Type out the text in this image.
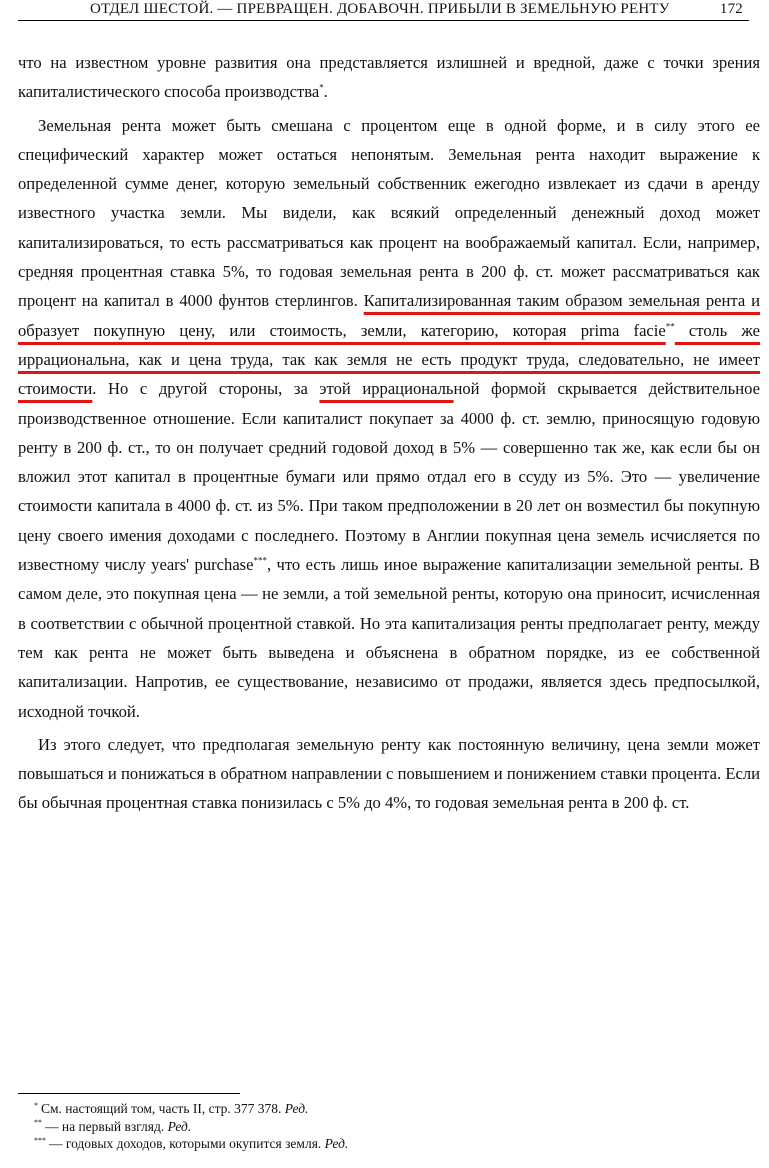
ОТДЕЛ ШЕСТОЙ. — ПРЕВРАЩЕН. ДОБАВОЧН. ПРИБЫЛИ В ЗЕМЕЛЬНУЮ РЕНТУ	172

что на известном уровне развития она представляется излишней и вредной, даже с точки зрения капиталистического способа производства*.

Земельная рента может быть смешана с процентом еще в одной форме, и в силу этого ее специфический характер может остаться непонятым. Земельная рента находит выражение к определенной сумме денег, которую земельный собственник ежегодно извлекает из сдачи в аренду известного участка земли. Мы видели, как всякий определенный денежный доход может капитализироваться, то есть рассматриваться как процент на воображаемый капитал. Если, например, средняя процентная ставка 5%, то годовая земельная рента в 200 ф. ст. может рассматриваться как процент на капитал в 4000 фунтов стерлингов. Капитализированная таким образом земельная рента и образует покупную цену, или стоимость, земли, категорию, которая prima facie** столь же иррациональна, как и цена труда, так как земля не есть продукт труда, следовательно, не имеет стоимости. Но с другой стороны, за этой иррациональной формой скрывается действительное производственное отношение. Если капиталист покупает за 4000 ф. ст. землю, приносящую годовую ренту в 200 ф. ст., то он получает средний годовой доход в 5% — совершенно так же, как если бы он вложил этот капитал в процентные бумаги или прямо отдал его в ссуду из 5%. Это — увеличение стоимости капитала в 4000 ф. ст. из 5%. При таком предположении в 20 лет он возместил бы покупную цену своего имения доходами с последнего. Поэтому в Англии покупная цена земель исчисляется по известному числу years' purchase***, что есть лишь иное выражение капитализации земельной ренты. В самом деле, это покупная цена — не земли, а той земельной ренты, которую она приносит, исчисленная в соответствии с обычной процентной ставкой. Но эта капитализация ренты предполагает ренту, между тем как рента не может быть выведена и объяснена в обратном порядке, из ее собственной капитализации. Напротив, ее существование, независимо от продажи, является здесь предпосылкой, исходной точкой.

Из этого следует, что предполагая земельную ренту как постоянную величину, цена земли может повышаться и понижаться в обратном направлении с повышением и понижением ставки процента. Если бы обычная процентная ставка понизилась с 5% до 4%, то годовая земельная рента в 200 ф. ст.

* См. настоящий том, часть II, стр. 377 378. Ред.
** — на первый взгляд. Ред.
*** — годовых доходов, которыми окупится земля. Ред.
